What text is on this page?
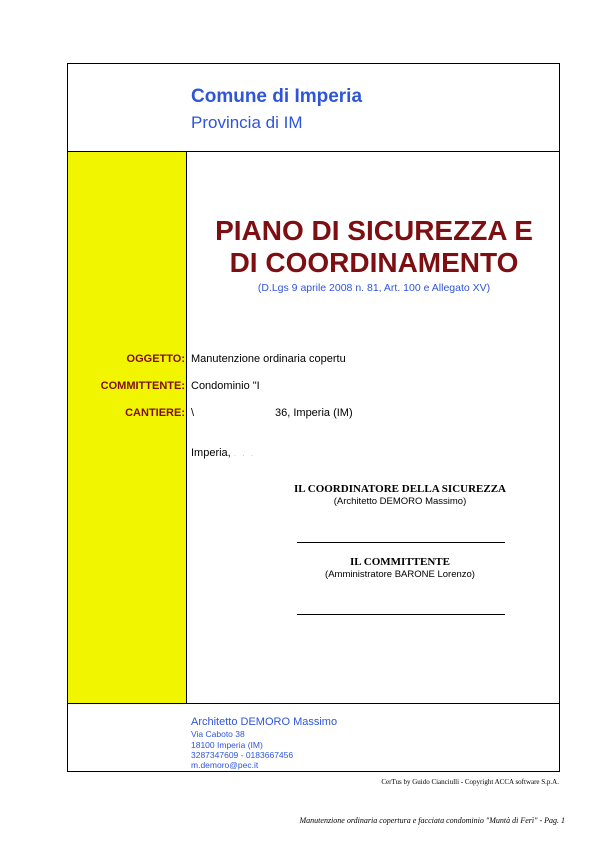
Comune di Imperia
Provincia di IM
PIANO DI SICUREZZA E
DI COORDINAMENTO
(D.Lgs 9 aprile 2008 n. 81, Art. 100 e Allegato XV)
OGGETTO: Manutenzione ordinaria copertu
COMMITTENTE: Condominio "I
CANTIERE: \	36, Imperia (IM)
Imperia, . . .
IL COORDINATORE DELLA SICUREZZA
(Architetto DEMORO Massimo)
IL COMMITTENTE
(Amministratore BARONE Lorenzo)
Architetto DEMORO Massimo
Via Caboto 38
18100 Imperia (IM)
3287347609 - 0183667456
m.demoro@pec.it
CerTus by Guido Cianciulli - Copyright ACCA software S.p.A.
Manutenzione ordinaria copertura e facciata condominio "Muntà di Ferì" - Pag. 1
